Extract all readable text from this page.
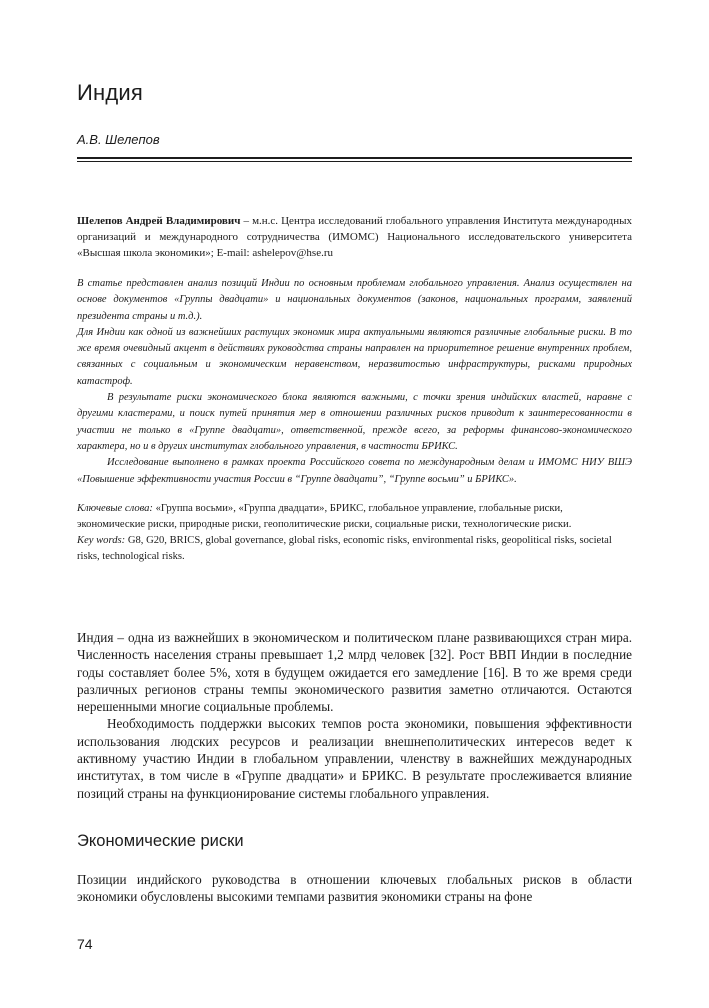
Индия
А.В. Шелепов
Шелепов Андрей Владимирович – м.н.с. Центра исследований глобального управления Института международных организаций и международного сотрудничества (ИМОМС) Национального исследовательского университета «Высшая школа экономики»; E-mail: ashelepov@hse.ru

В статье представлен анализ позиций Индии по основным проблемам глобального управления. Анализ осуществлен на основе документов «Группы двадцати» и национальных документов (законов, национальных программ, заявлений президента страны и т.д.).

Для Индии как одной из важнейших растущих экономик мира актуальными являются различные глобальные риски. В то же время очевидный акцент в действиях руководства страны направлен на приоритетное решение внутренних проблем, связанных с социальным и экономическим неравенством, неразвитостью инфраструктуры, рисками природных катастроф.

В результате риски экономического блока являются важными, с точки зрения индийских властей, наравне с другими кластерами, и поиск путей принятия мер в отношении различных рисков приводит к заинтересованности в участии не только в «Группе двадцати», ответственной, прежде всего, за реформы финансово-экономического характера, но и в других институтах глобального управления, в частности БРИКС.

Исследование выполнено в рамках проекта Российского совета по международным делам и ИМОМС НИУ ВШЭ «Повышение эффективности участия России в “Группе двадцати”, “Группе восьми” и БРИКС».

Ключевые слова: «Группа восьми», «Группа двадцати», БРИКС, глобальное управление, глобальные риски, экономические риски, природные риски, геополитические риски, социальные риски, технологические риски.

Key words: G8, G20, BRICS, global governance, global risks, economic risks, environmental risks, geopolitical risks, societal risks, technological risks.

Индия – одна из важнейших в экономическом и политическом плане развивающихся стран мира. Численность населения страны превышает 1,2 млрд человек [32]. Рост ВВП Индии в последние годы составляет более 5%, хотя в будущем ожидается его замедление [16]. В то же время среди различных регионов страны темпы экономического развития заметно отличаются. Остаются нерешенными многие социальные проблемы.

Необходимость поддержки высоких темпов роста экономики, повышения эффективности использования людских ресурсов и реализации внешнеполитических интересов ведет к активному участию Индии в глобальном управлении, членству в важнейших международных институтах, в том числе в «Группе двадцати» и БРИКС. В результате прослеживается влияние позиций страны на функционирование системы глобального управления.

Экономические риски

Позиции индийского руководства в отношении ключевых глобальных рисков в области экономики обусловлены высокими темпами развития экономики страны на фоне

74
